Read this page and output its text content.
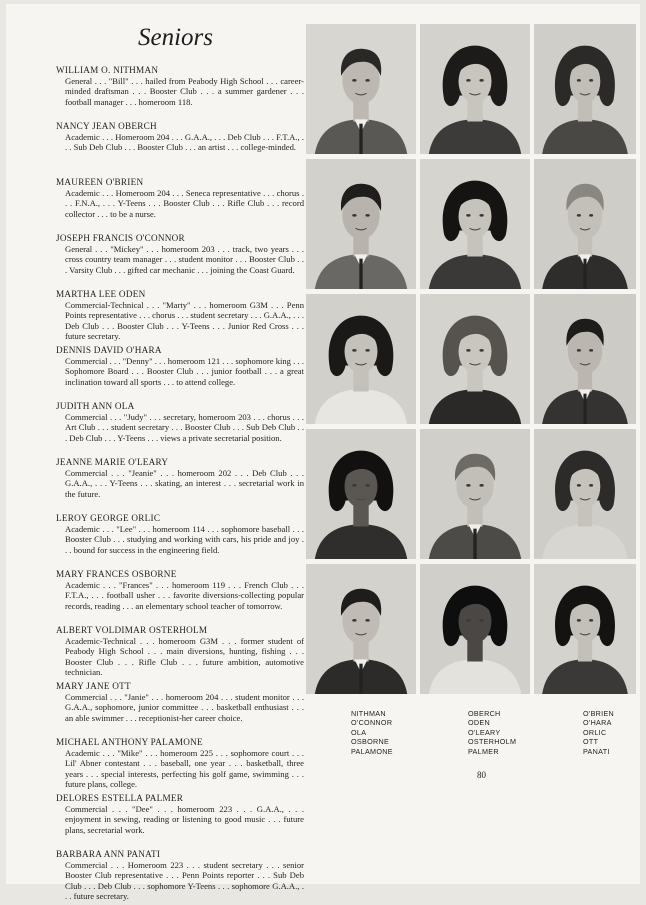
Seniors
WILLIAM O. NITHMAN
General . . . "Bill" . . . hailed from Peabody High School . . . career-minded draftsman . . . Booster Club . . . a summer gardener . . . football manager . . . homeroom 118.
NANCY JEAN OBERCH
Academic . . . Homeroom 204 . . . G.A.A., . . . Deb Club . . . F.T.A., . . . Sub Deb Club . . . Booster Club . . . an artist . . . college-minded.
MAUREEN O'BRIEN
Academic . . . Homeroom 204 . . . Seneca representative . . . chorus . . . F.N.A., . . . Y-Teens . . . Booster Club . . . Rifle Club . . . record collector . . . to be a nurse.
JOSEPH FRANCIS O'CONNOR
General . . . "Mickey" . . . homeroom 203 . . . track, two years . . . cross country team manager . . . student monitor . . . Booster Club . . . Varsity Club . . . gifted car mechanic . . . joining the Coast Guard.
MARTHA LEE ODEN
Commercial-Technical . . . "Marty" . . . homeroom G3M . . . Penn Points representative . . . chorus . . . student secretary . . . G.A.A., . . . Deb Club . . . Booster Club . . . Y-Teens . . . Junior Red Cross . . . future secretary.
DENNIS DAVID O'HARA
Commercial . . . "Denny" . . . homeroom 121 . . . sophomore king . . . Sophomore Board . . . Booster Club . . . junior football . . . a great inclination toward all sports . . . to attend college.
JUDITH ANN OLA
Commercial . . . "Judy" . . . secretary, homeroom 203 . . . chorus . . . Art Club . . . student secretary . . . Booster Club . . . Sub Deb Club . . . Deb Club . . . Y-Teens . . . views a private secretarial position.
JEANNE MARIE O'LEARY
Commercial . . . "Jeanie" . . . homeroom 202 . . . Deb Club . . . G.A.A., . . . Y-Teens . . . skating, an interest . . . secretarial work in the future.
LEROY GEORGE ORLIC
Academic . . . "Lee" . . . homeroom 114 . . . sophomore baseball . . . Booster Club . . . studying and working with cars, his pride and joy . . . bound for success in the engineering field.
MARY FRANCES OSBORNE
Academic . . . "Frances" . . . homeroom 119 . . . French Club . . . F.T.A., . . . football usher . . . favorite diversions-collecting popular records, reading . . . an elementary school teacher of tomorrow.
ALBERT VOLDIMAR OSTERHOLM
Academic-Technical . . . homeroom G3M . . . former student of Peabody High School . . . main diversions, hunting, fishing . . . Booster Club . . . Rifle Club . . . future ambition, automotive technician.
MARY JANE OTT
Commercial . . . "Janie" . . . homeroom 204 . . . student monitor . . . G.A.A., sophomore, junior committee . . . basketball enthusiast . . . an able swimmer . . . receptionist-her career choice.
MICHAEL ANTHONY PALAMONE
Academic . . . "Mike" . . . homeroom 225 . . . sophomore court . . . Lil' Abner contestant . . . baseball, one year . . . basketball, three years . . . special interests, perfecting his golf game, swimming . . . future plans, college.
DELORES ESTELLA PALMER
Commercial . . . "Dee" . . . homeroom 223 . . . G.A.A., . . . enjoyment in sewing, reading or listening to good music . . . future plans, secretarial work.
BARBARA ANN PANATI
Commercial . . . Homeroom 223 . . . student secretary . . . senior Booster Club representative . . . Penn Points reporter . . . Sub Deb Club . . . Deb Club . . . sophomore Y-Teens . . . sophomore G.A.A., . . . future secretary.
NITHMAN
O'CONNOR
OLA
OSBORNE
PALAMONE
OBERCH
ODEN
O'LEARY
OSTERHOLM
PALMER
O'BRIEN
O'HARA
ORLIC
OTT
PANATI
80
